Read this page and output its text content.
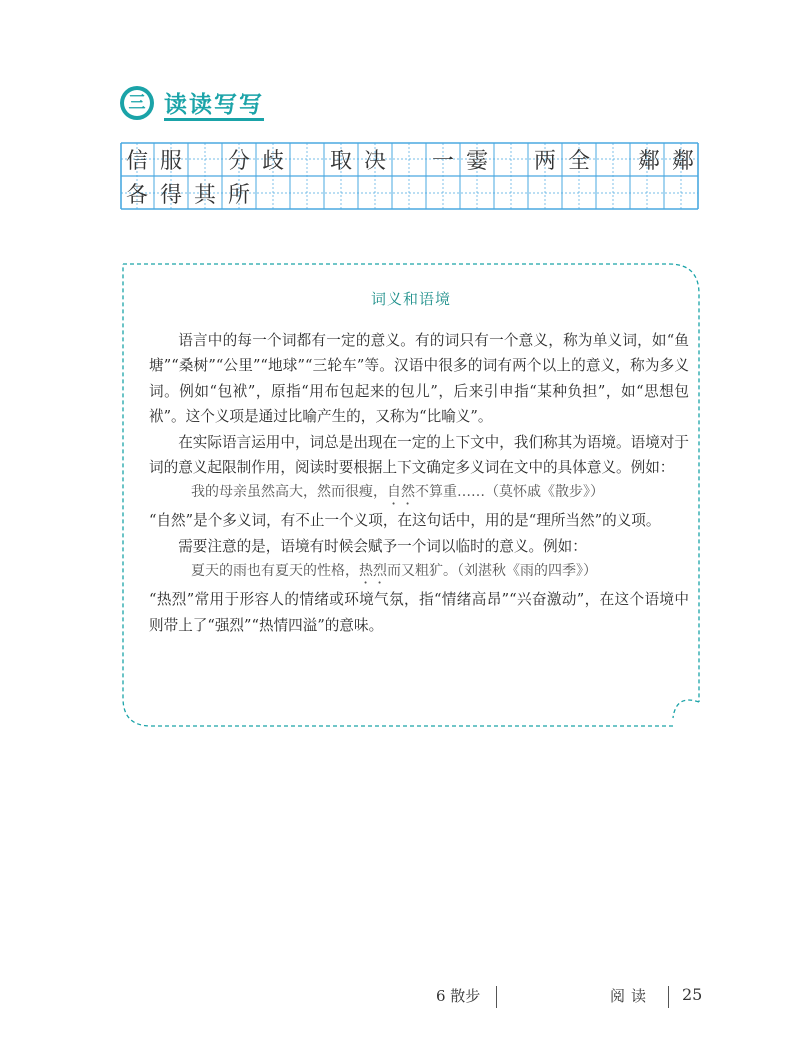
三 读读写写
信 服 分 歧 取 决 一 霎 两 全 鄰 鄰
各 得 其 所
词义和语境

语言中的每一个词都有一定的意义。有的词只有一个意义，称为单义词，如“鱼塘”“桑树”“公里”“地球”“三轮车”等。汉语中很多的词有两个以上的意义，称为多义词。例如“包袱”，原指“用布包起来的包儿”，后来引申指“某种负担”，如“思想包袱”。这个义项是通过比喻产生的，又称为“比喻义”。

在实际语言运用中，词总是出现在一定的上下文中，我们称其为语境。语境对于词的意义起限制作用，阅读时要根据上下文确定多义词在文中的具体意义。例如：

我的母亲虽然高大，然而很瘦，自然不算重……（莫怀戚《散步》）

“自然”是个多义词，有不止一个义项，在这句话中，用的是“理所当然”的义项。

需要注意的是，语境有时候会赋予一个词以临时的意义。例如：

夏天的雨也有夏天的性格，热烈而又粗犷。（刘湛秋《雨的四季》）

“热烈”常用于形容人的情绪或环境气氛，指“情绪高昂”“兴奋激动”，在这个语境中则带上了“强烈”“热情四溢”的意味。

6 散步	阅读 25
